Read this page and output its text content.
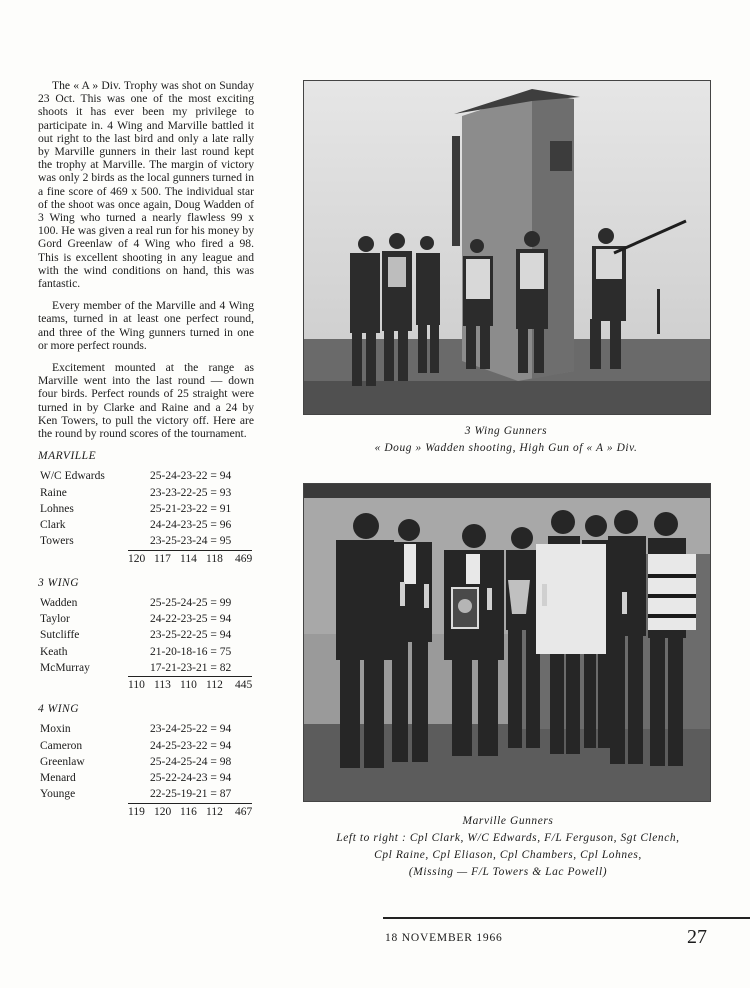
The « A » Div. Trophy was shot on Sunday 23 Oct. This was one of the most exciting shoots it has ever been my privilege to participate in. 4 Wing and Marville battled it out right to the last bird and only a late rally by Marville gunners in their last round kept the trophy at Marville. The margin of victory was only 2 birds as the local gunners turned in a fine score of 469 x 500. The individual star of the shoot was once again, Doug Wadden of 3 Wing who turned a nearly flawless 99 x 100. He was given a real run for his money by Gord Greenlaw of 4 Wing who fired a 98. This is excellent shooting in any league and with the wind conditions on hand, this was fantastic.

Every member of the Marville and 4 Wing teams, turned in at least one perfect round, and three of the Wing gunners turned in one or more perfect rounds.

Excitement mounted at the range as Marville went into the last round — down four birds. Perfect rounds of 25 straight were turned in by Clarke and Raine and a 24 by Ken Towers, to pull the victory off. Here are the round by round scores of the tournament.

MARVILLE
W/C Edwards	25-24-23-22 = 94
Raine	23-23-22-25 = 93
Lohnes	25-21-23-22 = 91
Clark	24-24-23-25 = 96
Towers	23-25-23-24 = 95
120 117 114 118 469
3 WING
Wadden	25-25-24-25 = 99
Taylor	24-22-23-25 = 94
Sutcliffe	23-25-22-25 = 94
Keath	21-20-18-16 = 75
McMurray	17-21-23-21 = 82
110 113 110 112 445
4 WING
Moxin	23-24-25-22 = 94
Cameron	24-25-23-22 = 94
Greenlaw	25-24-25-24 = 98
Menard	25-22-24-23 = 94
Younge	22-25-19-21 = 87
119 120 116 112 467
3 Wing Gunners
« Doug » Wadden shooting, High Gun of « A » Div.
Marville Gunners
Left to right : Cpl Clark, W/C Edwards, F/L Ferguson, Sgt Clench,
Cpl Raine, Cpl Eliason, Cpl Chambers, Cpl Lohnes,
(Missing — F/L Towers & Lac Powell)
18 NOVEMBER 1966	27
